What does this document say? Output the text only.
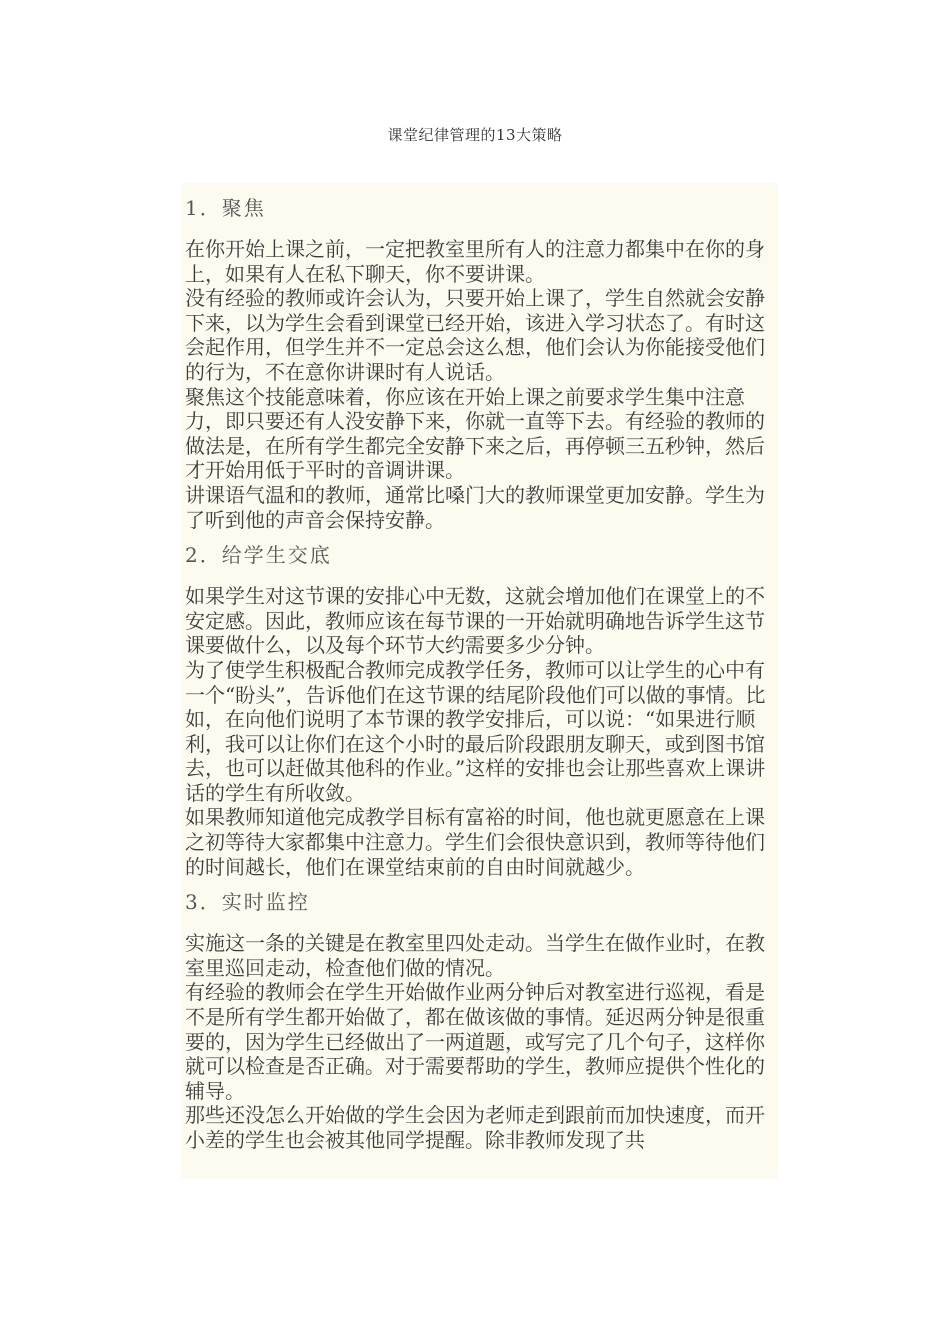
课堂纪律管理的13大策略
1．聚焦

在你开始上课之前，一定把教室里所有人的注意力都集中在你的身上，如果有人在私下聊天，你不要讲课。

没有经验的教师或许会认为，只要开始上课了，学生自然就会安静下来，以为学生会看到课堂已经开始，该进入学习状态了。有时这会起作用，但学生并不一定总会这么想，他们会认为你能接受他们的行为，不在意你讲课时有人说话。

聚焦这个技能意味着，你应该在开始上课之前要求学生集中注意力，即只要还有人没安静下来，你就一直等下去。有经验的教师的做法是，在所有学生都完全安静下来之后，再停顿三五秒钟，然后才开始用低于平时的音调讲课。

讲课语气温和的教师，通常比嗓门大的教师课堂更加安静。学生为了听到他的声音会保持安静。

2．给学生交底

如果学生对这节课的安排心中无数，这就会增加他们在课堂上的不安定感。因此，教师应该在每节课的一开始就明确地告诉学生这节课要做什么，以及每个环节大约需要多少分钟。

为了使学生积极配合教师完成教学任务，教师可以让学生的心中有一个“盼头”，告诉他们在这节课的结尾阶段他们可以做的事情。比如，在向他们说明了本节课的教学安排后，可以说：“如果进行顺利，我可以让你们在这个小时的最后阶段跟朋友聊天，或到图书馆去，也可以赶做其他科的作业。”这样的安排也会让那些喜欢上课讲话的学生有所收敛。

如果教师知道他完成教学目标有富裕的时间，他也就更愿意在上课之初等待大家都集中注意力。学生们会很快意识到，教师等待他们的时间越长，他们在课堂结束前的自由时间就越少。

3．实时监控

实施这一条的关键是在教室里四处走动。当学生在做作业时，在教室里巡回走动，检查他们做的情况。

有经验的教师会在学生开始做作业两分钟后对教室进行巡视，看是不是所有学生都开始做了，都在做该做的事情。延迟两分钟是很重要的，因为学生已经做出了一两道题，或写完了几个句子，这样你就可以检查是否正确。对于需要帮助的学生，教师应提供个性化的辅导。

那些还没怎么开始做的学生会因为老师走到跟前而加快速度，而开小差的学生也会被其他同学提醒。除非教师发现了共
